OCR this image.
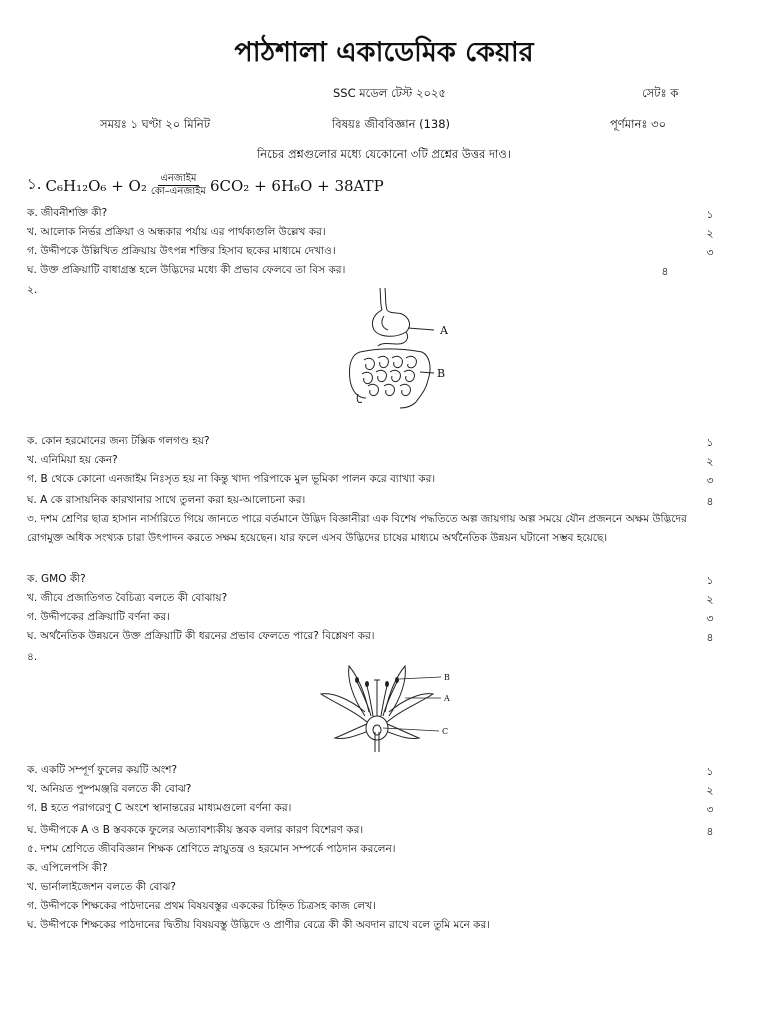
পাঠশালা একাডেমিক কেয়ার
SSC মডেল টেস্ট ২০২৫	সেটঃ ক
সময়ঃ ১ ঘণ্টা ২০ মিনিট	বিষয়ঃ জীববিজ্ঞান (138)	পূর্ণমানঃ ৩০
নিচের প্রশ্নগুলোর মধ্যে যেকোনো ৩টি প্রশ্নের উত্তর দাও।
১. $C_6H_{12}O_6 + O_2 \frac{\text{এনজাইম}}{\text{কো–এনজাইম}} 6CO_2 + 6H_6O + 38ATP$
ক. জীবনীশক্তি কী?	১
খ. আলোক নির্ভর প্রক্রিয়া ও অন্ধকার পর্যায় এর পার্থক্যগুলি উল্লেখ কর।	২
গ. উদ্দীপকে উল্লিখিত প্রক্রিয়ায় উৎপন্ন শক্তির হিসাব ছকের মাধ্যমে দেখাও।	৩
ঘ. উক্ত প্রক্রিয়াটি বাধাগ্রস্ত হলে উদ্ভিদের মধ্যে কী প্রভাব ফেলবে তা বিস কর।	৪
২.
A
B
ক. কোন হরমোনের জন্য টক্সিক গলগণ্ড হয়?	১
খ. এনিমিয়া হয় কেন?	২
গ. B থেকে কোনো এনজাইম নিঃসৃত হয় না কিন্তু খাদ্য পরিপাকে মুল ভূমিকা পালন করে ব্যাখ্যা কর।	৩
ঘ. A কে রাসায়নিক কারখানার সাথে তুলনা করা হয়-আলোচনা কর।	৪
৩. দশম শ্রেণির ছাত্র হাসান নার্সারিতে গিয়ে জানতে পারে বর্তমানে উদ্ভিদ বিজ্ঞানীরা এক বিশেষ পদ্ধতিতে অল্প জায়গায় অল্প সময়ে যৌন প্রজননে অক্ষম উদ্ভিদের রোগমুক্ত অধিক সংখ্যক চারা উৎপাদন করতে সক্ষম হয়েছেন। যার ফলে এসব উদ্ভিদের চাষের মাধ্যমে অর্থনৈতিক উন্নয়ন ঘটানো সম্ভব হয়েছে।
ক. GMO কী?	১
খ. জীবে প্রজাতিগত বৈচিত্র্য বলতে কী বোঝায়?	২
গ. উদ্দীপকের প্রক্রিয়াটি বর্ণনা কর।	৩
ঘ. অর্থনৈতিক উন্নয়নে উক্ত প্রক্রিয়াটি কী ধরনের প্রভাব ফেলতে পারে? বিশ্লেষণ কর।	৪
৪.
B
A
C
ক. একটি সম্পূর্ণ ফুলের কয়টি অংশ?	১
খ. অনিয়ত পুষ্পমঞ্জরি বলতে কী বোঝ?	২
গ. B হতে পরাগরেণু C অংশে স্থানান্তরের মাধ্যমগুলো বর্ণনা কর।	৩
ঘ. উদ্দীপকে A ও B স্তবককে ফুলের অত্যাবশ্যকীয় স্তবক বলার কারণ বিশেরণ কর।	৪
৫. দশম শ্রেণিতে জীববিজ্ঞান শিক্ষক শ্রেণিতে স্নায়ুতন্ত্র ও হরমোন সম্পর্কে পাঠদান করলেন।
ক. এপিলেপসি কী?
খ. ভার্নালাইজেশন বলতে কী বোঝ?
গ. উদ্দীপকে শিক্ষকের পাঠদানের প্রথম বিষয়বস্তুর এককের চিহ্নিত চিত্রসহ কাজ লেখ।
ঘ. উদ্দীপকে শিক্ষকের পাঠদানের দ্বিতীয় বিষয়বস্তু উদ্ভিদে ও প্রাণীর বেত্রে কী কী অবদান রাখে বলে তুমি মনে কর।
